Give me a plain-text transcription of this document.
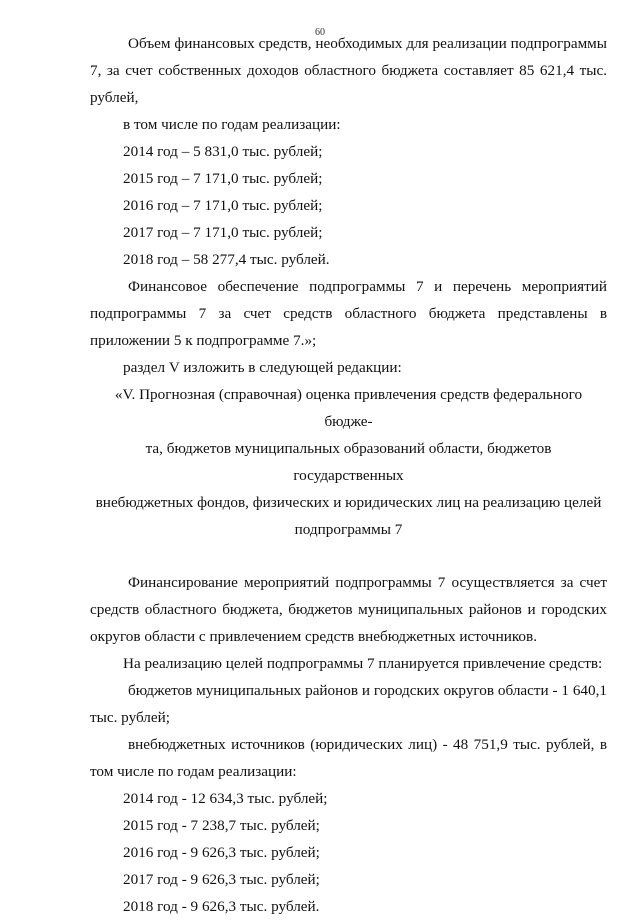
60

Объем финансовых средств, необходимых для реализации подпрограммы 7, за счет собственных доходов областного бюджета составляет 85 621,4 тыс. рублей,

в том числе по годам реализации:

2014 год – 5 831,0 тыс. рублей;

2015 год – 7 171,0 тыс. рублей;

2016 год – 7 171,0 тыс. рублей;

2017 год – 7 171,0 тыс. рублей;

2018 год – 58 277,4 тыс. рублей.

Финансовое обеспечение подпрограммы 7 и перечень мероприятий подпрограммы 7 за счет средств областного бюджета представлены в приложении 5 к подпрограмме 7.»;

раздел V изложить в следующей редакции:

«V. Прогнозная (справочная) оценка привлечения средств федерального бюдже-

та, бюджетов муниципальных образований области, бюджетов государственных

внебюджетных фондов, физических и юридических лиц на реализацию целей

подпрограммы 7

Финансирование мероприятий подпрограммы 7 осуществляется за счет средств областного бюджета, бюджетов муниципальных районов и городских округов области с привлечением средств внебюджетных источников.

На реализацию целей подпрограммы 7 планируется привлечение средств:

бюджетов муниципальных районов и городских округов области - 1 640,1 тыс. рублей;

внебюджетных источников (юридических лиц) - 48 751,9 тыс. рублей, в том числе по годам реализации:

2014 год - 12 634,3 тыс. рублей;

2015 год - 7 238,7 тыс. рублей;

2016 год - 9 626,3 тыс. рублей;

2017 год - 9 626,3 тыс. рублей;

2018 год - 9 626,3 тыс. рублей.
